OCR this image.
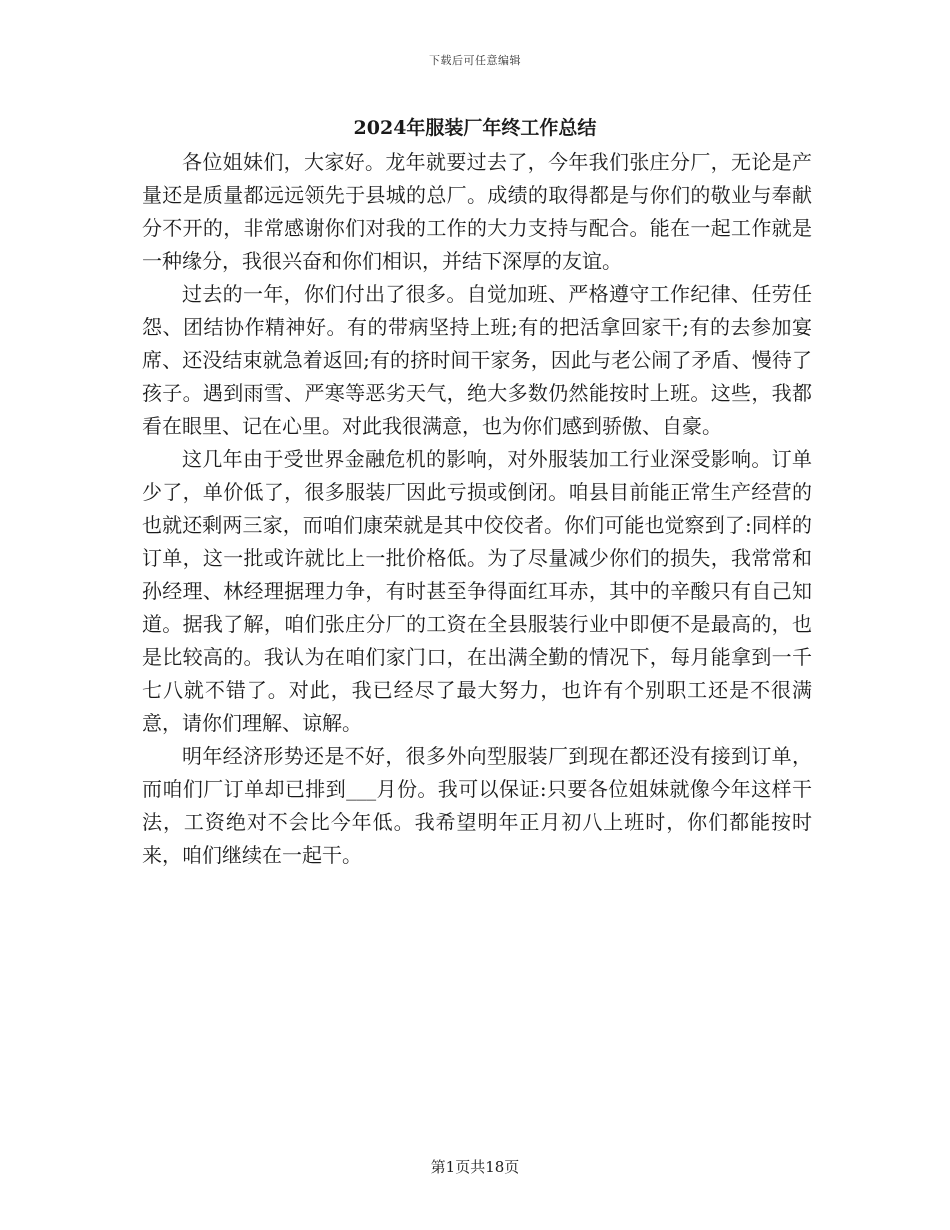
下载后可任意编辑
2024年服装厂年终工作总结

各位姐妹们，大家好。龙年就要过去了，今年我们张庄分厂，无论是产量还是质量都远远领先于县城的总厂。成绩的取得都是与你们的敬业与奉献分不开的，非常感谢你们对我的工作的大力支持与配合。能在一起工作就是一种缘分，我很兴奋和你们相识，并结下深厚的友谊。

过去的一年，你们付出了很多。自觉加班、严格遵守工作纪律、任劳任怨、团结协作精神好。有的带病坚持上班;有的把活拿回家干;有的去参加宴席、还没结束就急着返回;有的挤时间干家务，因此与老公闹了矛盾、慢待了孩子。遇到雨雪、严寒等恶劣天气，绝大多数仍然能按时上班。这些，我都看在眼里、记在心里。对此我很满意，也为你们感到骄傲、自豪。

这几年由于受世界金融危机的影响，对外服装加工行业深受影响。订单少了，单价低了，很多服装厂因此亏损或倒闭。咱县目前能正常生产经营的也就还剩两三家，而咱们康荣就是其中佼佼者。你们可能也觉察到了:同样的订单，这一批或许就比上一批价格低。为了尽量减少你们的损失，我常常和孙经理、林经理据理力争，有时甚至争得面红耳赤，其中的辛酸只有自己知道。据我了解，咱们张庄分厂的工资在全县服装行业中即便不是最高的，也是比较高的。我认为在咱们家门口，在出满全勤的情况下，每月能拿到一千七八就不错了。对此，我已经尽了最大努力，也许有个别职工还是不很满意，请你们理解、谅解。

明年经济形势还是不好，很多外向型服装厂到现在都还没有接到订单，而咱们厂订单却已排到___月份。我可以保证:只要各位姐妹就像今年这样干法，工资绝对不会比今年低。我希望明年正月初八上班时，你们都能按时来，咱们继续在一起干。

第1页共18页
